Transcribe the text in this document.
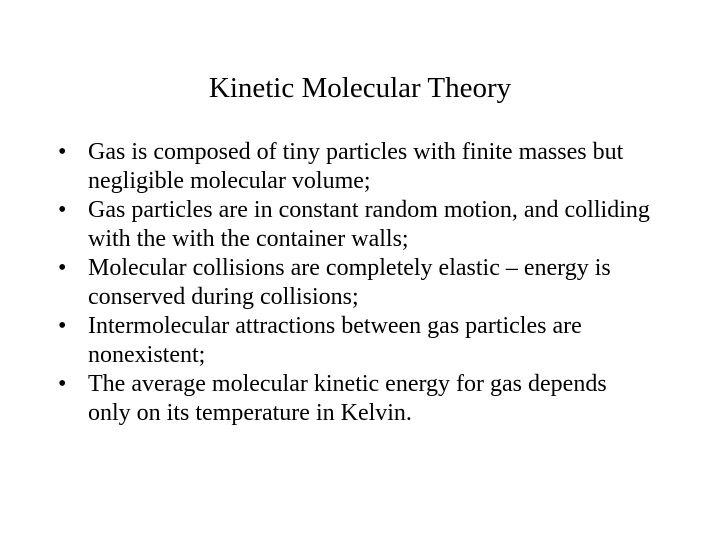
Kinetic Molecular Theory
• Gas is composed of tiny particles with finite masses but negligible molecular volume;
• Gas particles are in constant random motion, and colliding with the with the container walls;
• Molecular collisions are completely elastic – energy is conserved during collisions;
• Intermolecular attractions between gas particles are nonexistent;
• The average molecular kinetic energy for gas depends only on its temperature in Kelvin.
